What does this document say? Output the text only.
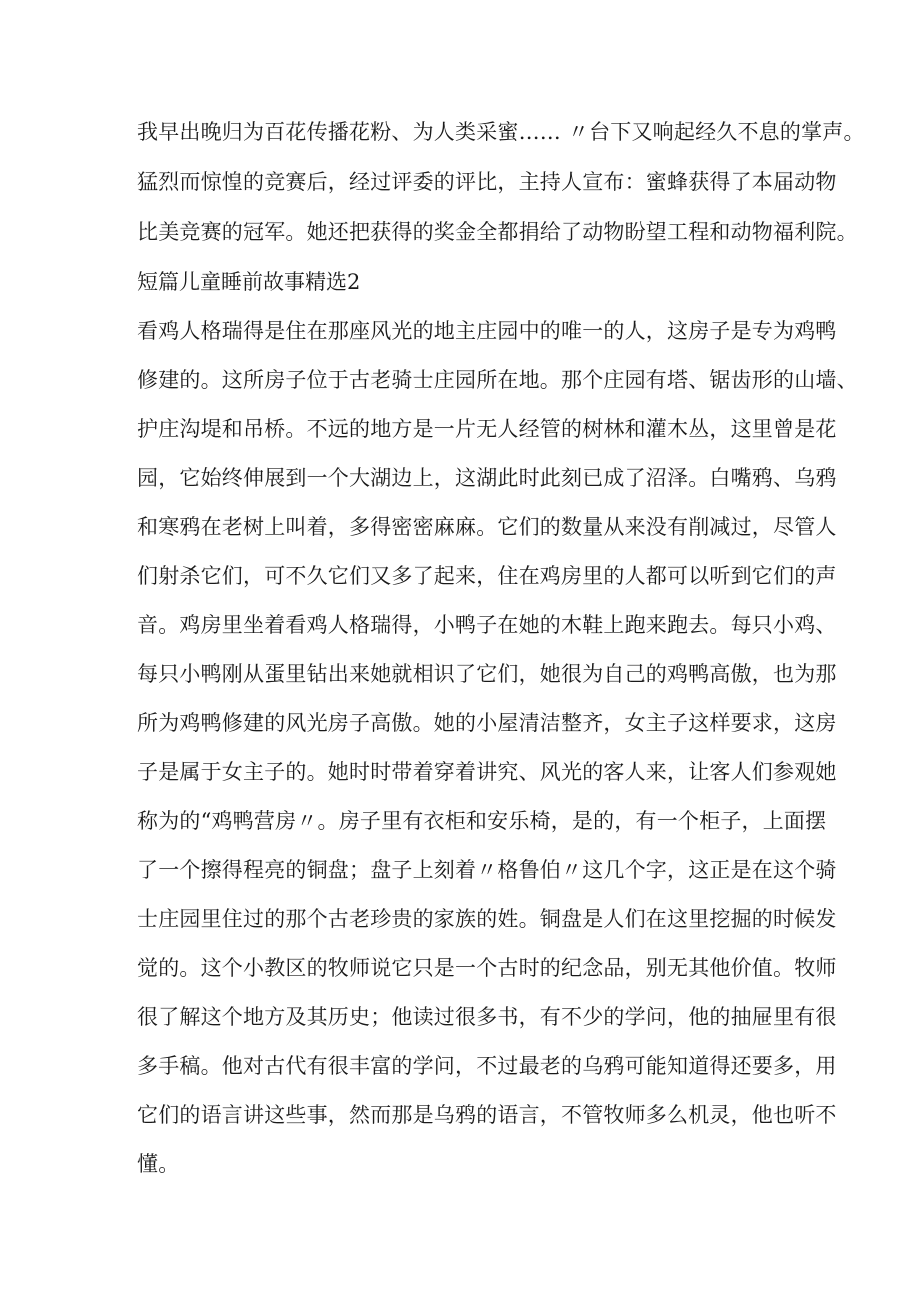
我早出晚归为百花传播花粉、为人类采蜜…… 〃台下又响起经久不息的掌声。
猛烈而惊惶的竞赛后，经过评委的评比，主持人宣布：蜜蜂获得了本届动物
比美竞赛的冠军。她还把获得的奖金全都捐给了动物盼望工程和动物福利院。
短篇儿童睡前故事精选2
看鸡人格瑞得是住在那座风光的地主庄园中的唯一的人，这房子是专为鸡鸭
修建的。这所房子位于古老骑士庄园所在地。那个庄园有塔、锯齿形的山墙、
护庄沟堤和吊桥。不远的地方是一片无人经管的树林和灌木丛，这里曾是花
园，它始终伸展到一个大湖边上，这湖此时此刻已成了沼泽。白嘴鸦、乌鸦
和寒鸦在老树上叫着，多得密密麻麻。它们的数量从来没有削减过，尽管人
们射杀它们，可不久它们又多了起来，住在鸡房里的人都可以听到它们的声
音。鸡房里坐着看鸡人格瑞得，小鸭子在她的木鞋上跑来跑去。每只小鸡、
每只小鸭刚从蛋里钻出来她就相识了它们，她很为自己的鸡鸭高傲，也为那
所为鸡鸭修建的风光房子高傲。她的小屋清洁整齐，女主子这样要求，这房
子是属于女主子的。她时时带着穿着讲究、风光的客人来，让客人们参观她
称为的“鸡鸭营房〃。房子里有衣柜和安乐椅，是的，有一个柜子，上面摆
了一个擦得程亮的铜盘；盘子上刻着〃格鲁伯〃这几个字，这正是在这个骑
士庄园里住过的那个古老珍贵的家族的姓。铜盘是人们在这里挖掘的时候发
觉的。这个小教区的牧师说它只是一个古时的纪念品，别无其他价值。牧师
很了解这个地方及其历史；他读过很多书，有不少的学问，他的抽屉里有很
多手稿。他对古代有很丰富的学问，不过最老的乌鸦可能知道得还要多，用
它们的语言讲这些事，然而那是乌鸦的语言，不管牧师多么机灵，他也听不
懂。
